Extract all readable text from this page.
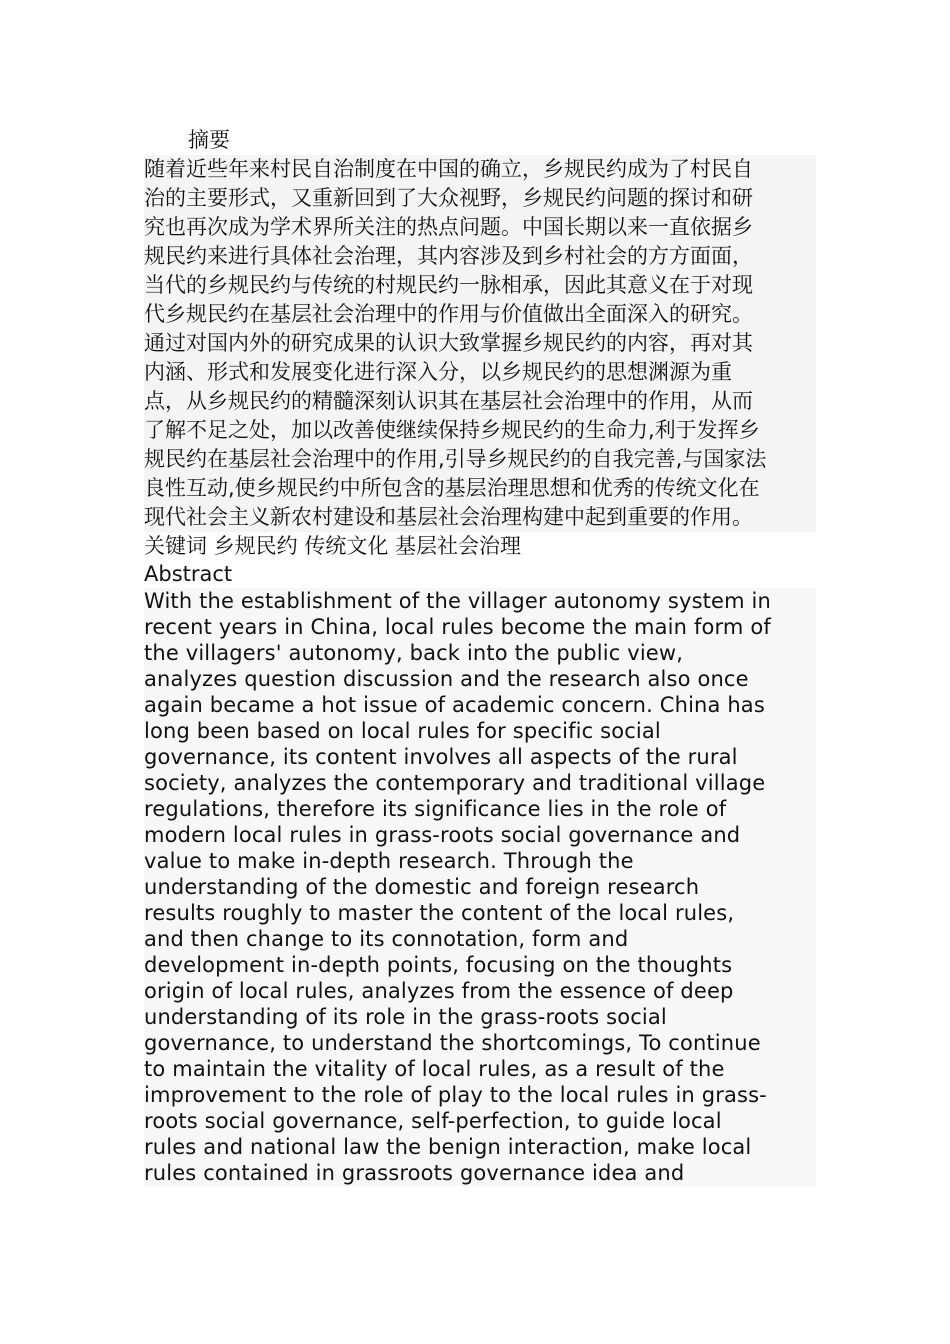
摘要

随着近些年来村民自治制度在中国的确立，乡规民约成为了村民自

治的主要形式，又重新回到了大众视野，乡规民约问题的探讨和研

究也再次成为学术界所关注的热点问题。中国长期以来一直依据乡

规民约来进行具体社会治理，其内容涉及到乡村社会的方方面面，

当代的乡规民约与传统的村规民约一脉相承，因此其意义在于对现

代乡规民约在基层社会治理中的作用与价值做出全面深入的研究。

通过对国内外的研究成果的认识大致掌握乡规民约的内容，再对其

内涵、形式和发展变化进行深入分，以乡规民约的思想渊源为重

点，从乡规民约的精髓深刻认识其在基层社会治理中的作用，从而

了解不足之处，加以改善使继续保持乡规民约的生命力,利于发挥乡

规民约在基层社会治理中的作用,引导乡规民约的自我完善,与国家法

良性互动,使乡规民约中所包含的基层治理思想和优秀的传统文化在

现代社会主义新农村建设和基层社会治理构建中起到重要的作用。

关键词 乡规民约 传统文化 基层社会治理

Abstract

With the establishment of the villager autonomy system in

recent years in China, local rules become the main form of

the villagers' autonomy, back into the public view,

analyzes question discussion and the research also once

again became a hot issue of academic concern. China has

long been based on local rules for specific social

governance, its content involves all aspects of the rural

society, analyzes the contemporary and traditional village

regulations, therefore its significance lies in the role of

modern local rules in grass-roots social governance and

value to make in-depth research. Through the

understanding of the domestic and foreign research

results roughly to master the content of the local rules,

and then change to its connotation, form and

development in-depth points, focusing on the thoughts

origin of local rules, analyzes from the essence of deep

understanding of its role in the grass-roots social

governance, to understand the shortcomings, To continue

to maintain the vitality of local rules, as a result of the

improvement to the role of play to the local rules in grass-

roots social governance, self-perfection, to guide local

rules and national law the benign interaction, make local

rules contained in grassroots governance idea and
